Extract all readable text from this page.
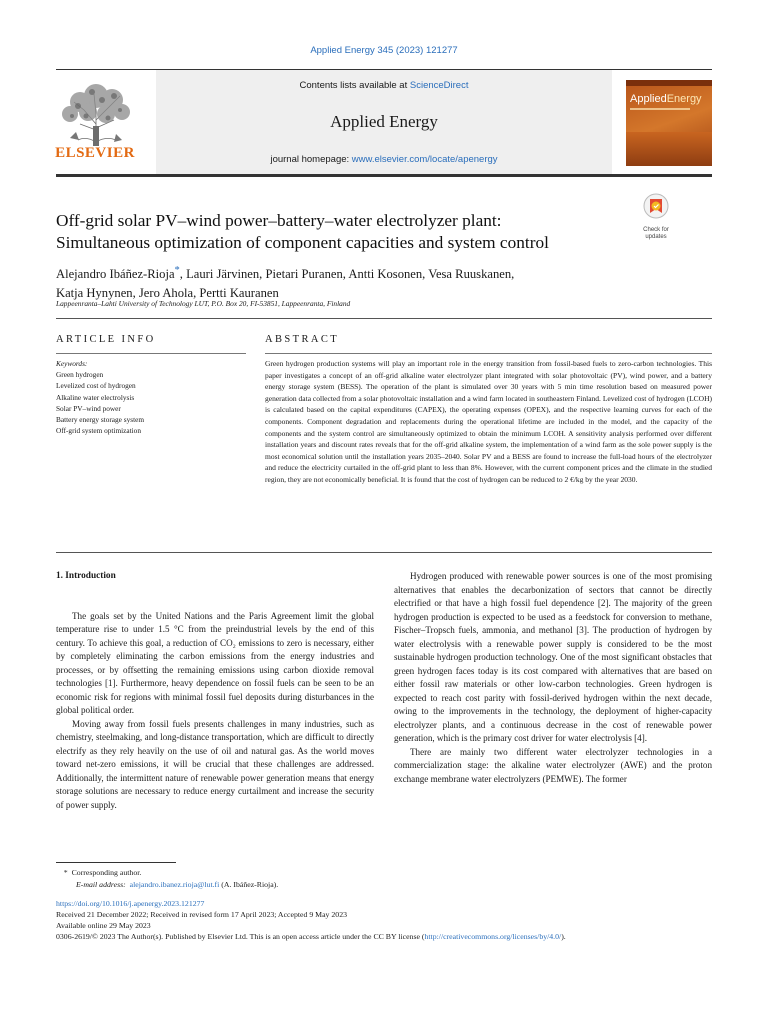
Applied Energy 345 (2023) 121277
ELSEVIER
Contents lists available at ScienceDirect
Applied Energy
journal homepage: www.elsevier.com/locate/apenergy
AppliedEnergy
Check for updates
Off-grid solar PV–wind power–battery–water electrolyzer plant:
Simultaneous optimization of component capacities and system control
Alejandro Ibáñez-Rioja*, Lauri Järvinen, Pietari Puranen, Antti Kosonen, Vesa Ruuskanen,
Katja Hynynen, Jero Ahola, Pertti Kauranen
Lappeenranta–Lahti University of Technology LUT, P.O. Box 20, FI-53851, Lappeenranta, Finland
ARTICLE INFO
Keywords:
Green hydrogen
Levelized cost of hydrogen
Alkaline water electrolysis
Solar PV–wind power
Battery energy storage system
Off-grid system optimization
ABSTRACT

Green hydrogen production systems will play an important role in the energy transition from fossil-based fuels to zero-carbon technologies. This paper investigates a concept of an off-grid alkaline water electrolyzer plant integrated with solar photovoltaic (PV), wind power, and a battery energy storage system (BESS). The operation of the plant is simulated over 30 years with 5 min time resolution based on measured power generation data collected from a solar photovoltaic installation and a wind farm located in southeastern Finland. Levelized cost of hydrogen (LCOH) is calculated based on the capital expenditures (CAPEX), the operating expenses (OPEX), and the respective learning curves for each of the components. Component degradation and replacements during the operational lifetime are included in the model, and the capacity of the components and the system control are simultaneously optimized to obtain the minimum LCOH. A sensitivity analysis performed over different installation years and discount rates reveals that for the off-grid alkaline system, the implementation of a wind farm as the sole power supply is the most economical solution until the installation years 2035–2040. Solar PV and a BESS are found to increase the full-load hours of the electrolyzer and reduce the electricity curtailed in the off-grid plant to less than 8%. However, with the current component prices and the climate in the studied region, they are not economically beneficial. It is found that the cost of hydrogen can be reduced to 2 €/kg by the year 2030.

1. Introduction

The goals set by the United Nations and the Paris Agreement limit the global temperature rise to under 1.5 °C from the preindustrial levels by the end of this century. To achieve this goal, a reduction of CO₂ emissions to zero is necessary, either by completely eliminating the carbon emissions from the energy industries and processes, or by offsetting the remaining emissions using carbon dioxide removal technologies [1]. Furthermore, heavy dependence on fossil fuels can be seen to be an economic risk for regions with minimal fossil fuel deposits during disturbances in the global political order.

Moving away from fossil fuels presents challenges in many industries, such as chemistry, steelmaking, and long-distance transportation, which are difficult to directly electrify as they rely heavily on the use of oil and natural gas. As the world moves toward net-zero emissions, it will be crucial that these challenges are addressed. Additionally, the intermittent nature of renewable power generation means that energy storage solutions are necessary to reduce energy curtailment and increase the security of power supply.

Hydrogen produced with renewable power sources is one of the most promising alternatives that enables the decarbonization of sectors that cannot be directly electrified or that have a high fossil fuel dependence [2]. The majority of the green hydrogen production is expected to be used as a feedstock for conversion to methane, Fischer–Tropsch fuels, ammonia, and methanol [3]. The production of hydrogen by water electrolysis with a renewable power supply is considered to be the most sustainable hydrogen production technology. One of the most significant obstacles that green hydrogen faces today is its cost compared with alternatives that are based on either fossil raw materials or other low-carbon technologies. Green hydrogen is expected to reach cost parity with fossil-derived hydrogen within the next decade, owing to the improvements in the technology, the deployment of higher-capacity electrolyzer plants, and a continuous decrease in the cost of renewable power generation, which is the primary cost driver for water electrolysis [4].

There are mainly two different water electrolyzer technologies in a commercialization stage: the alkaline water electrolyzer (AWE) and the proton exchange membrane water electrolyzers (PEMWE). The former

* Corresponding author.
E-mail address: alejandro.ibanez.rioja@lut.fi (A. Ibáñez-Rioja).
https://doi.org/10.1016/j.apenergy.2023.121277
Received 21 December 2022; Received in revised form 17 April 2023; Accepted 9 May 2023
Available online 29 May 2023
0306-2619/© 2023 The Author(s). Published by Elsevier Ltd. This is an open access article under the CC BY license (http://creativecommons.org/licenses/by/4.0/).
